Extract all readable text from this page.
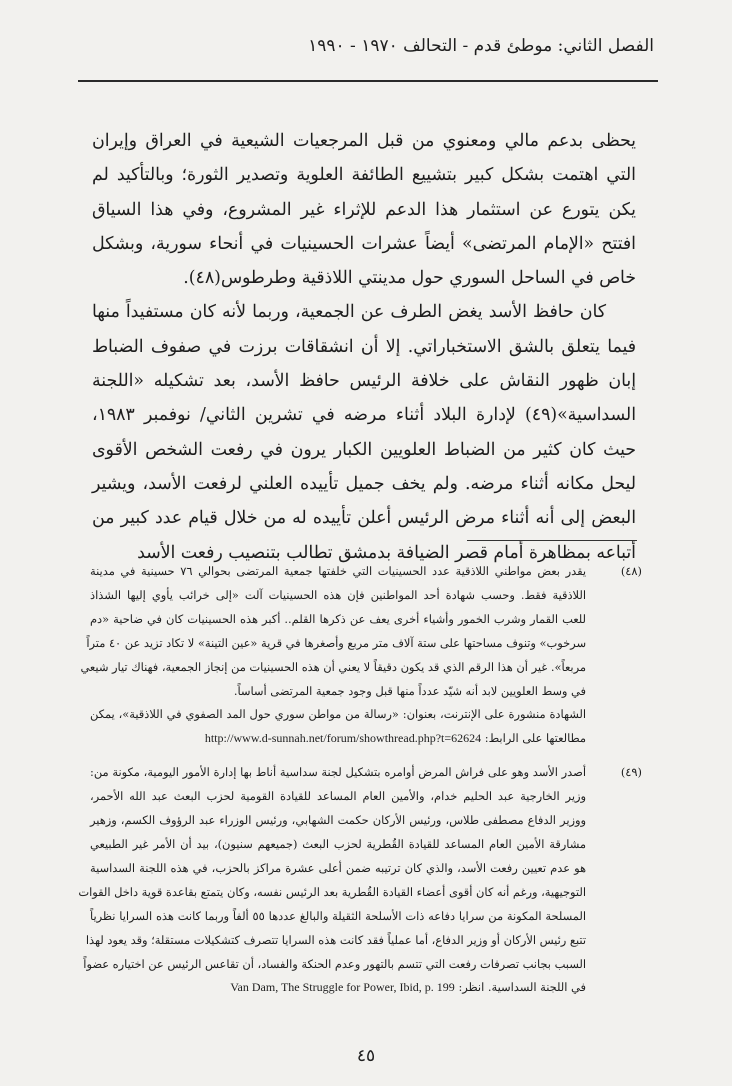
الفصل الثاني: موطئ قدم - التحالف ١٩٧٠ - ١٩٩٠

يحظى بدعم مالي ومعنوي من قبل المرجعيات الشيعية في العراق وإيران التي اهتمت بشكل كبير بتشييع الطائفة العلوية وتصدير الثورة؛ وبالتأكيد لم يكن يتورع عن استثمار هذا الدعم للإثراء غير المشروع، وفي هذا السياق افتتح «الإمام المرتضى» أيضاً عشرات الحسينيات في أنحاء سورية، وبشكل خاص في الساحل السوري حول مدينتي اللاذقية وطرطوس(٤٨).

كان حافظ الأسد يغض الطرف عن الجمعية، وربما لأنه كان مستفيداً منها فيما يتعلق بالشق الاستخباراتي. إلا أن انشقاقات برزت في صفوف الضباط إبان ظهور النقاش على خلافة الرئيس حافظ الأسد، بعد تشكيله «اللجنة السداسية»(٤٩) لإدارة البلاد أثناء مرضه في تشرين الثاني/ نوفمبر ١٩٨٣، حيث كان كثير من الضباط العلويين الكبار يرون في رفعت الشخص الأقوى ليحل مكانه أثناء مرضه. ولم يخف جميل تأييده العلني لرفعت الأسد، ويشير البعض إلى أنه أثناء مرض الرئيس أعلن تأييده له من خلال قيام عدد كبير من أتباعه بمظاهرة أمام قصر الضيافة بدمشق تطالب بتنصيب رفعت الأسد

(٤٨)
يقدر بعض مواطني اللاذقية عدد الحسينيات التي خلفتها جمعية المرتضى بحوالي ٧٦ حسينية في مدينة
اللاذقية فقط. وحسب شهادة أحد المواطنين فإن هذه الحسينيات آلت «إلى خرائب يأوي إليها الشذاذ
للعب القمار وشرب الخمور وأشياء أخرى يعف عن ذكرها القلم.. أكبر هذه الحسينيات كان في ضاحية «دم
سرخوب» وتنوف مساحتها على ستة آلاف متر مربع وأصغرها في قرية «عين التينة» لا تكاد تزيد عن ٤٠ متراً
مربعاً». غير أن هذا الرقم الذي قد يكون دقيقاً لا يعني أن هذه الحسينيات من إنجاز الجمعية، فهناك تيار شيعي
في وسط العلويين لابد أنه شيّد عدداً منها قبل وجود جمعية المرتضى أساساً.
الشهادة منشورة على الإنترنت، بعنوان: «رسالة من مواطن سوري حول المد الصفوي في اللاذقية»، يمكن
مطالعتها على الرابط: http://www.d-sunnah.net/forum/showthread.php?t=62624
(٤٩)
أصدر الأسد وهو على فراش المرض أوامره بتشكيل لجنة سداسية أناط بها إدارة الأمور اليومية، مكونة من:
وزير الخارجية عبد الحليم خدام، والأمين العام المساعد للقيادة القومية لحزب البعث عبد الله الأحمر،
ووزير الدفاع مصطفى طلاس، ورئيس الأركان حكمت الشهابي، ورئيس الوزراء عبد الرؤوف الكسم، وزهير
مشارقة الأمين العام المساعد للقيادة القُطرية لحزب البعث (جميعهم سنيون)، بيد أن الأمر غير الطبيعي
هو عدم تعيين رفعت الأسد، والذي كان ترتيبه ضمن أعلى عشرة مراكز بالحزب، في هذه اللجنة السداسية
التوجيهية، ورغم أنه كان أقوى أعضاء القيادة القُطرية بعد الرئيس نفسه، وكان يتمتع بقاعدة قوية داخل القوات
المسلحة المكونة من سرايا دفاعه ذات الأسلحة الثقيلة والبالغ عددها ٥٥ ألفاً وربما كانت هذه السرايا نظرياً
تتبع رئيس الأركان أو وزير الدفاع، أما عملياً فقد كانت هذه السرايا تتصرف كتشكيلات مستقلة؛ وقد يعود لهذا
السبب بجانب تصرفات رفعت التي تتسم بالتهور وعدم الحنكة والفساد، أن تقاعس الرئيس عن اختياره عضواً
في اللجنة السداسية. انظر: Van Dam, The Struggle for Power, Ibid, p. 199
٤٥
